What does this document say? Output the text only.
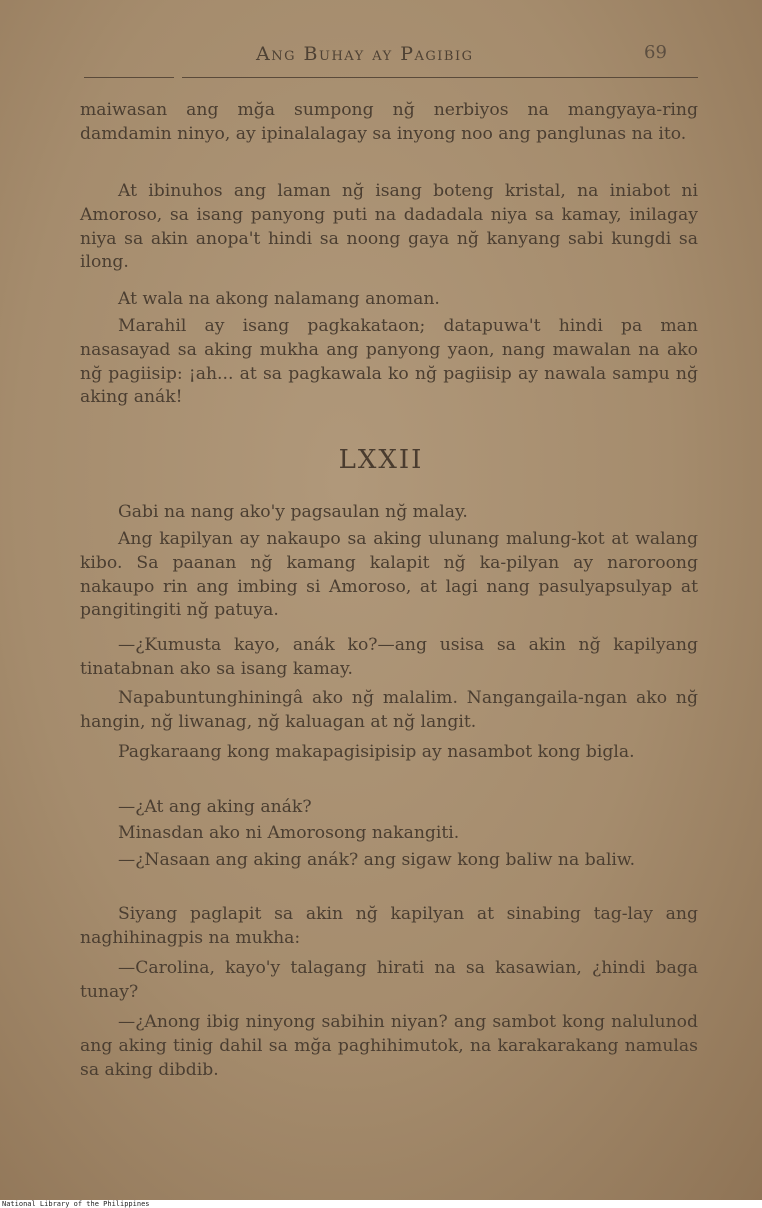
Ang Buhay ay Pagibig	69

maiwasan ang mğa sumpong nğ nerbiyos na mangyaya-ring damdamin ninyo, ay ipinalalagay sa inyong noo ang panglunas na ito.

At ibinuhos ang laman nğ isang boteng kristal, na iniabot ni Amoroso, sa isang panyong puti na dadadala niya sa kamay, inilagay niya sa akin anopa't hindi sa noong gaya nğ kanyang sabi kungdi sa ilong.

At wala na akong nalamang anoman.

Marahil ay isang pagkakataon; datapuwa't hindi pa man nasasayad sa aking mukha ang panyong yaon, nang mawalan na ako nğ pagiisip: ¡ah... at sa pagkawala ko nğ pagiisip ay nawala sampu nğ aking anák!

LXXII

Gabi na nang ako'y pagsaulan nğ malay.

Ang kapilyan ay nakaupo sa aking ulunang malung-kot at walang kibo. Sa paanan nğ kamang kalapit nğ ka-pilyan ay naroroong nakaupo rin ang imbing si Amoroso, at lagi nang pasulyapsulyap at pangitingiti nğ patuya.

—¿Kumusta kayo, anák ko?—ang usisa sa akin nğ kapilyang tinatabnan ako sa isang kamay.

Napabuntunghiningâ ako nğ malalim. Nangangaila-ngan ako nğ hangin, nğ liwanag, nğ kaluagan at nğ langit.

Pagkaraang kong makapagisipisip ay nasambot kong bigla.

—¿At ang aking anák?

Minasdan ako ni Amorosong nakangiti.

—¿Nasaan ang aking anák? ang sigaw kong baliw na baliw.

Siyang paglapit sa akin nğ kapilyan at sinabing tag-lay ang naghihinagpis na mukha:

—Carolina, kayo'y talagang hirati na sa kasawian, ¿hindi baga tunay?

—¿Anong ibig ninyong sabihin niyan? ang sambot kong nalulunod ang aking tinig dahil sa mğa paghihimutok, na karakarakang namulas sa aking dibdib.

National Library of the Philippines
